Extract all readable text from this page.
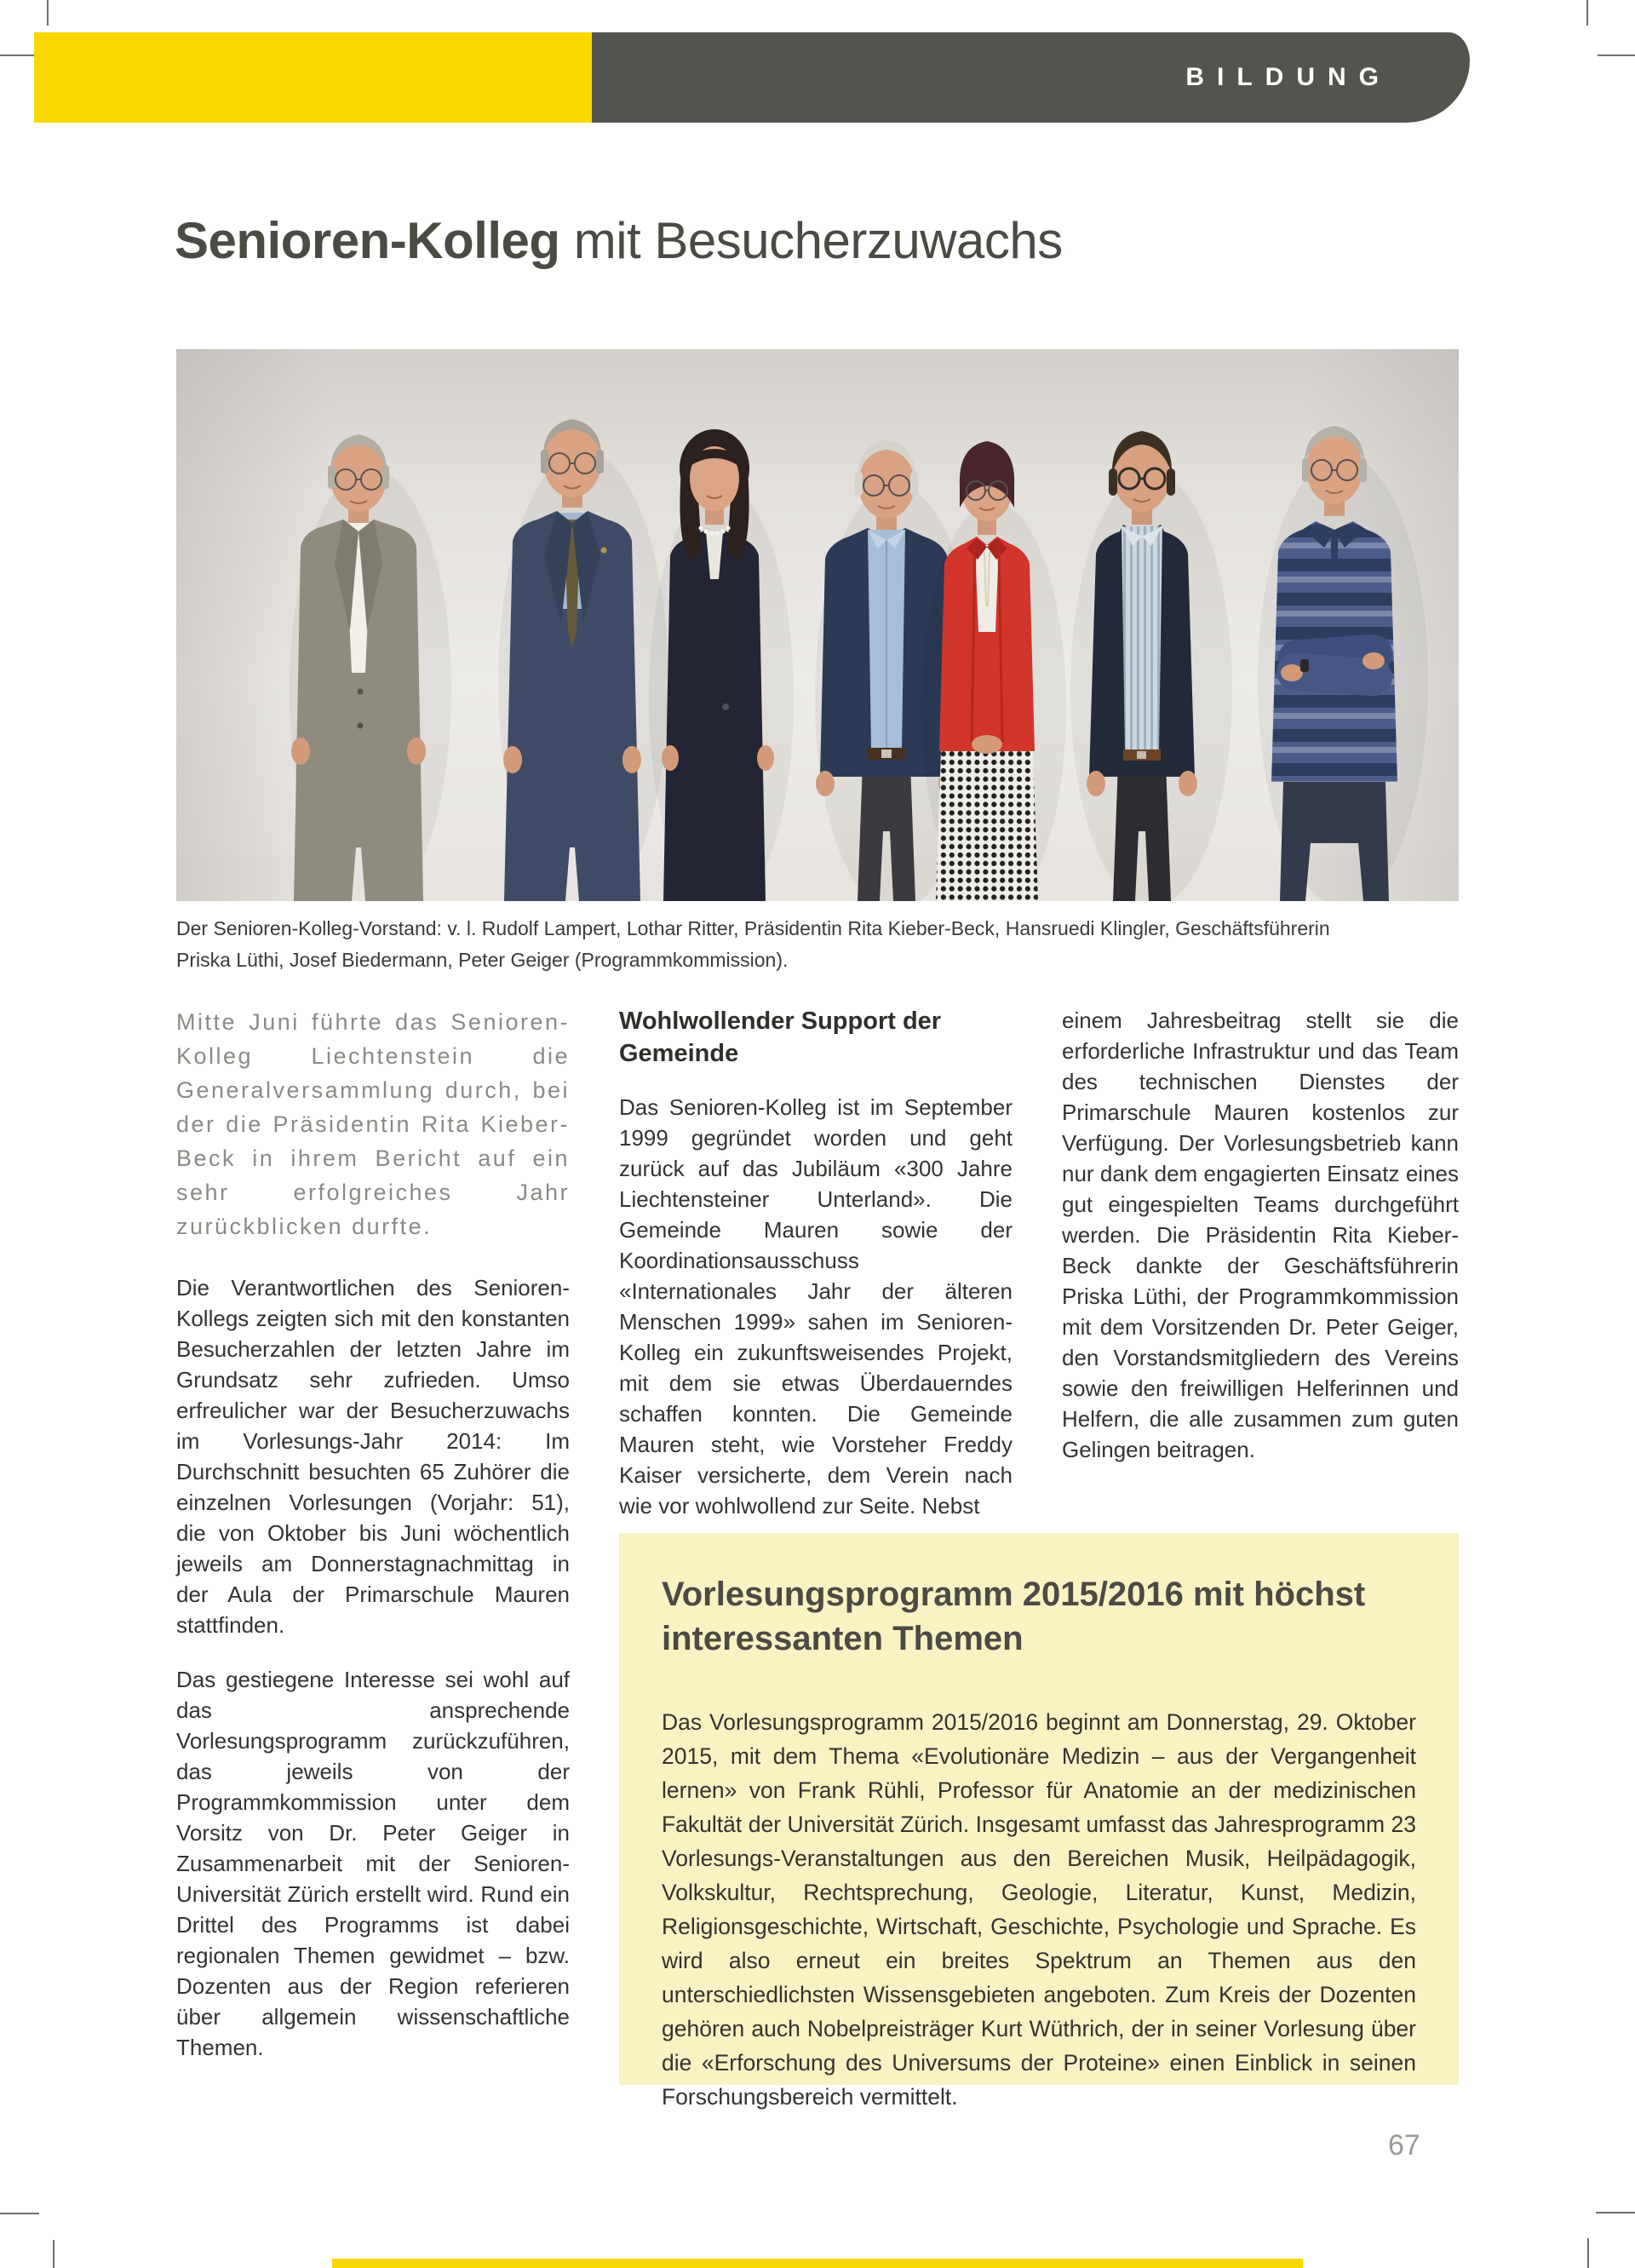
BILDUNG
Senioren-Kolleg mit Besucherzuwachs

Der Senioren-Kolleg-Vorstand: v. l. Rudolf Lampert, Lothar Ritter, Präsidentin Rita Kieber-Beck, Hansruedi Klingler, Geschäftsführerin
Priska Lüthi, Josef Biedermann, Peter Geiger (Programmkommission).

Mitte Juni führte das Senioren-Kolleg Liechtenstein die Generalversammlung durch, bei der die Präsidentin Rita Kieber-Beck in ihrem Bericht auf ein sehr erfolgreiches Jahr zurückblicken durfte.

Die Verantwortlichen des Senioren-Kollegs zeigten sich mit den konstanten Besucherzahlen der letzten Jahre im Grundsatz sehr zufrieden. Umso erfreulicher war der Besucherzuwachs im Vorlesungs-Jahr 2014: Im Durchschnitt besuchten 65 Zuhörer die einzelnen Vorlesungen (Vorjahr: 51), die von Oktober bis Juni wöchentlich jeweils am Donnerstagnachmittag in der Aula der Primarschule Mauren stattfinden.

Das gestiegene Interesse sei wohl auf das ansprechende Vorlesungsprogramm zurückzuführen, das jeweils von der Programmkommission unter dem Vorsitz von Dr. Peter Geiger in Zusammenarbeit mit der Senioren-Universität Zürich erstellt wird. Rund ein Drittel des Programms ist dabei regionalen Themen gewidmet – bzw. Dozenten aus der Region referieren über allgemein wissenschaftliche Themen.

Wohlwollender Support der Gemeinde

Das Senioren-Kolleg ist im September 1999 gegründet worden und geht zurück auf das Jubiläum «300 Jahre Liechtensteiner Unterland». Die Gemeinde Mauren sowie der Koordinationsausschuss «Internationales Jahr der älteren Menschen 1999» sahen im Senioren-Kolleg ein zukunftsweisendes Projekt, mit dem sie etwas Überdauerndes schaffen konnten. Die Gemeinde Mauren steht, wie Vorsteher Freddy Kaiser versicherte, dem Verein nach wie vor wohlwollend zur Seite. Nebst

einem Jahresbeitrag stellt sie die erforderliche Infrastruktur und das Team des technischen Dienstes der Primarschule Mauren kostenlos zur Verfügung. Der Vorlesungsbetrieb kann nur dank dem engagierten Einsatz eines gut eingespielten Teams durchgeführt werden. Die Präsidentin Rita Kieber-Beck dankte der Geschäftsführerin Priska Lüthi, der Programmkommission mit dem Vorsitzenden Dr. Peter Geiger, den Vorstandsmitgliedern des Vereins sowie den freiwilligen Helferinnen und Helfern, die alle zusammen zum guten Gelingen beitragen.

Vorlesungsprogramm 2015/2016 mit höchst interessanten Themen

Das Vorlesungsprogramm 2015/2016 beginnt am Donnerstag, 29. Oktober 2015, mit dem Thema «Evolutionäre Medizin – aus der Vergangenheit lernen» von Frank Rühli, Professor für Anatomie an der medizinischen Fakultät der Universität Zürich. Insgesamt umfasst das Jahresprogramm 23 Vorlesungs-Veranstaltungen aus den Bereichen Musik, Heilpädagogik, Volkskultur, Rechtsprechung, Geologie, Literatur, Kunst, Medizin, Religionsgeschichte, Wirtschaft, Geschichte, Psychologie und Sprache. Es wird also erneut ein breites Spektrum an Themen aus den unterschiedlichsten Wissensgebieten angeboten. Zum Kreis der Dozenten gehören auch Nobelpreisträger Kurt Wüthrich, der in seiner Vorlesung über die «Erforschung des Universums der Proteine» einen Einblick in seinen Forschungsbereich vermittelt.

67
